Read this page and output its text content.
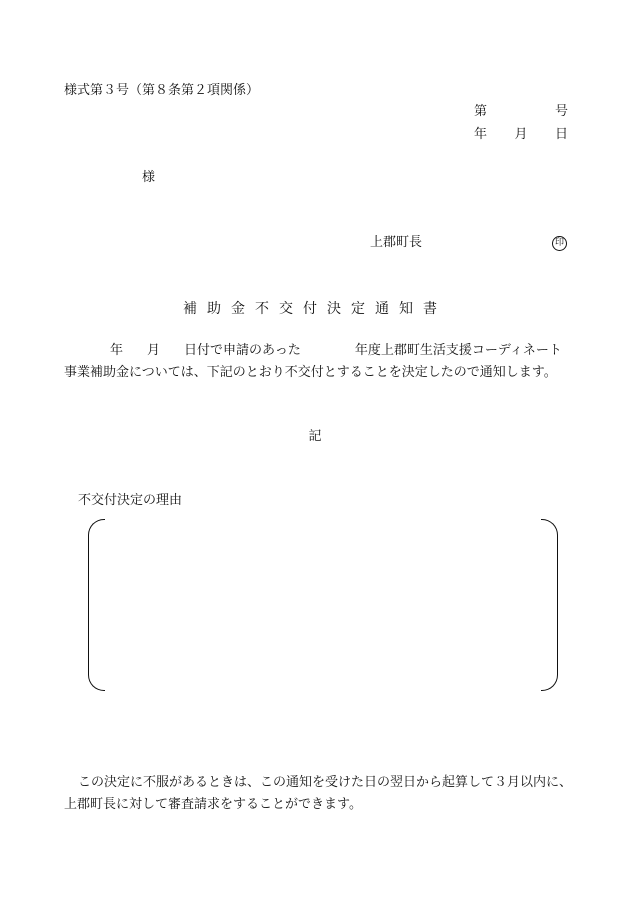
様式第３号（第８条第２項関係）
第	号
年 月 日
様
上郡町長	印
補助金不交付決定通知書
年 月 日付で申請のあった	年度上郡町生活支援コーディネート
事業補助金については、下記のとおり不交付とすることを決定したので通知します。
記
不交付決定の理由
この決定に不服があるときは、この通知を受けた日の翌日から起算して３月以内に、
上郡町長に対して審査請求をすることができます。
